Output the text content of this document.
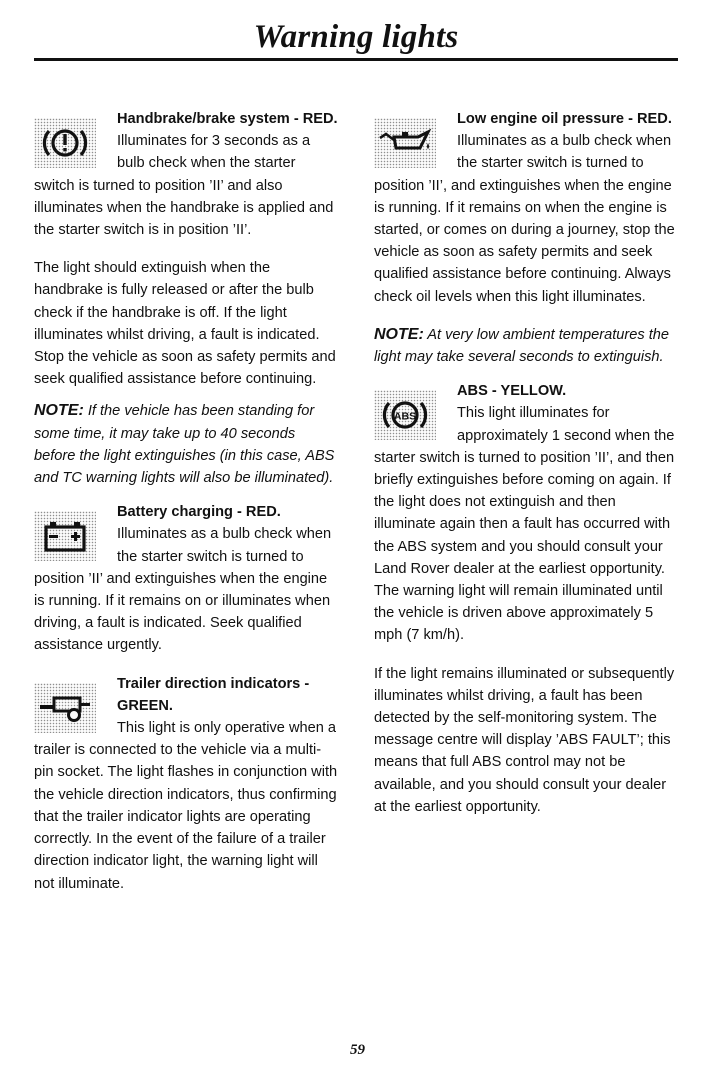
Warning lights
Handbrake/brake system - RED.
Illuminates for 3 seconds as a bulb check when the starter switch is turned to position ’II’ and also illuminates when the handbrake is applied and the starter switch is in position ’II’.

The light should extinguish when the handbrake is fully released or after the bulb check if the handbrake is off. If the light illuminates whilst driving, a fault is indicated. Stop the vehicle as soon as safety permits and seek qualified assistance before continuing.

NOTE: If the vehicle has been standing for some time, it may take up to 40 seconds before the light extinguishes (in this case, ABS and TC warning lights will also be illuminated).

Battery charging - RED.
Illuminates as a bulb check when the starter switch is turned to position ’II’ and extinguishes when the engine is running. If it remains on or illuminates when driving, a fault is indicated. Seek qualified assistance urgently.
Trailer direction indicators - GREEN.
This light is only operative when a trailer is connected to the vehicle via a multi-pin socket. The light flashes in conjunction with the vehicle direction indicators, thus confirming that the trailer indicator lights are operating correctly. In the event of the failure of a trailer direction indicator light, the warning light will not illuminate.
Low engine oil pressure - RED.
Illuminates as a bulb check when the starter switch is turned to position ’II’, and extinguishes when the engine is running. If it remains on when the engine is started, or comes on during a journey, stop the vehicle as soon as safety permits and seek qualified assistance before continuing. Always check oil levels when this light illuminates.

NOTE: At very low ambient temperatures the light may take several seconds to extinguish.

ABS
ABS - YELLOW.
This light illuminates for approximately 1 second when the starter switch is turned to position ’II’, and then briefly extinguishes before coming on again. If the light does not extinguish and then illuminate again then a fault has occurred with the ABS system and you should consult your Land Rover dealer at the earliest opportunity. The warning light will remain illuminated until the vehicle is driven above approximately 5 mph (7 km/h).

If the light remains illuminated or subsequently illuminates whilst driving, a fault has been detected by the self-monitoring system. The message centre will display ’ABS FAULT’; this means that full ABS control may not be available, and you should consult your dealer at the earliest opportunity.

59
